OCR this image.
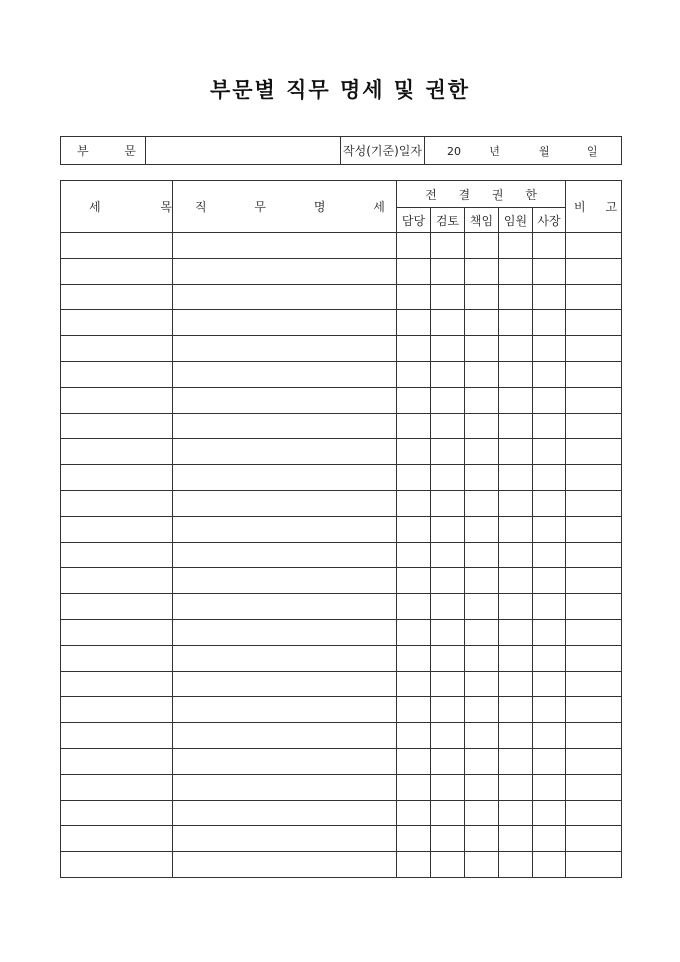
부문별 직무 명세 및 권한
부 문		작성(기준)일자	20	년	월	일
세 목	직 무 명 세	전 결 권 한					비 고
		담당	검토	책임	임원	사장	
